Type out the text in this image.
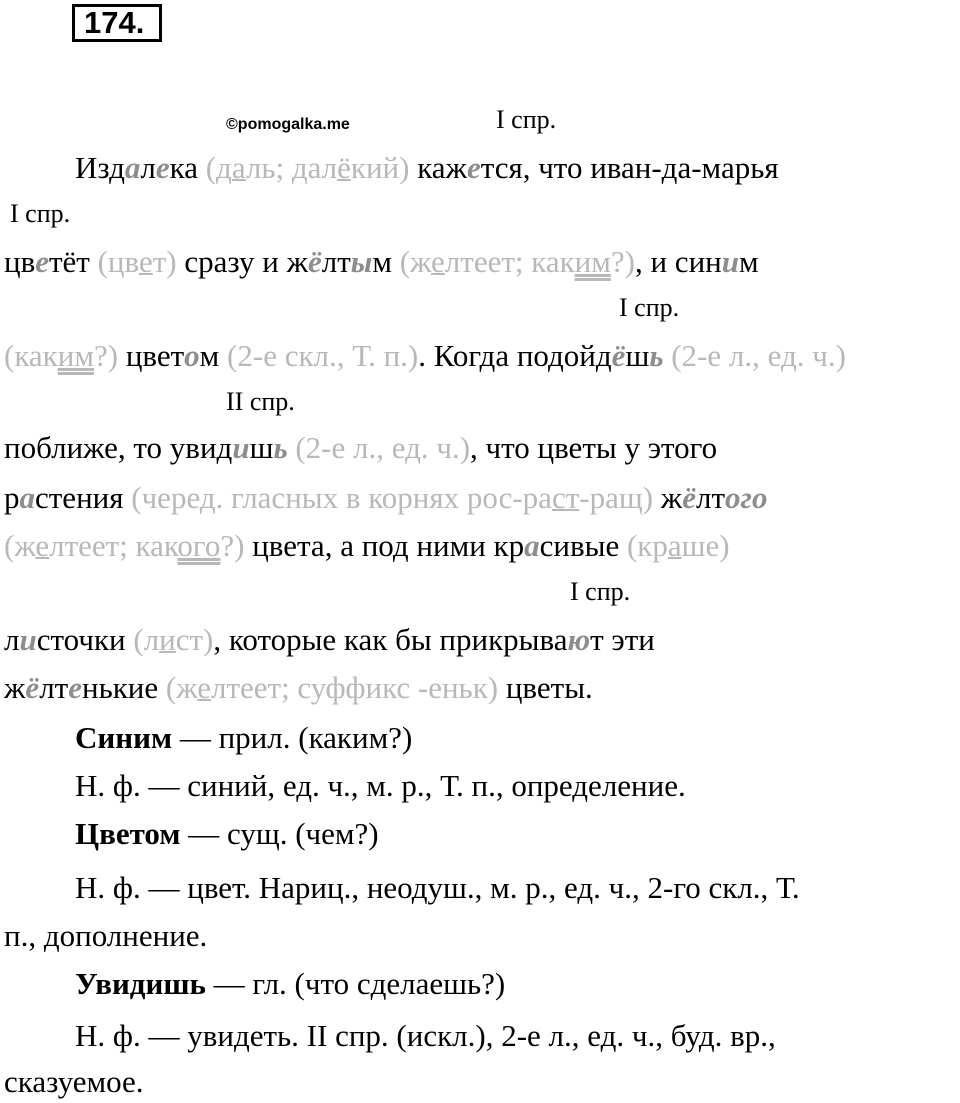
174.
©pomogalka.me	I спр.
I спр.
I спр.
II спр.
I спр.
Издалека (даль; далёкий) кажется, что иван-да-марья
цветёт (цвет) сразу и жёлтым (желтеет; каким?), и синим
(каким?) цветом (2-е скл., Т. п.). Когда подойдёшь (2-е л., ед. ч.)
поближе, то увидишь (2-е л., ед. ч.), что цветы у этого
растения (черед. гласных в корнях рос-раст-ращ) жёлтого
(желтеет; какого?) цвета, а под ними красивые (краше)
листочки (лист), которые как бы прикрывают эти
жёлтенькие (желтеет; суффикс -еньк) цветы.
Синим — прил. (каким?)
Н. ф. — синий, ед. ч., м. р., Т. п., определение.
Цветом — сущ. (чем?)
Н. ф. — цвет. Нариц., неодуш., м. р., ед. ч., 2-го скл., Т.
п., дополнение.
Увидишь — гл. (что сделаешь?)
Н. ф. — увидеть. II спр. (искл.), 2-е л., ед. ч., буд. вр.,
сказуемое.
